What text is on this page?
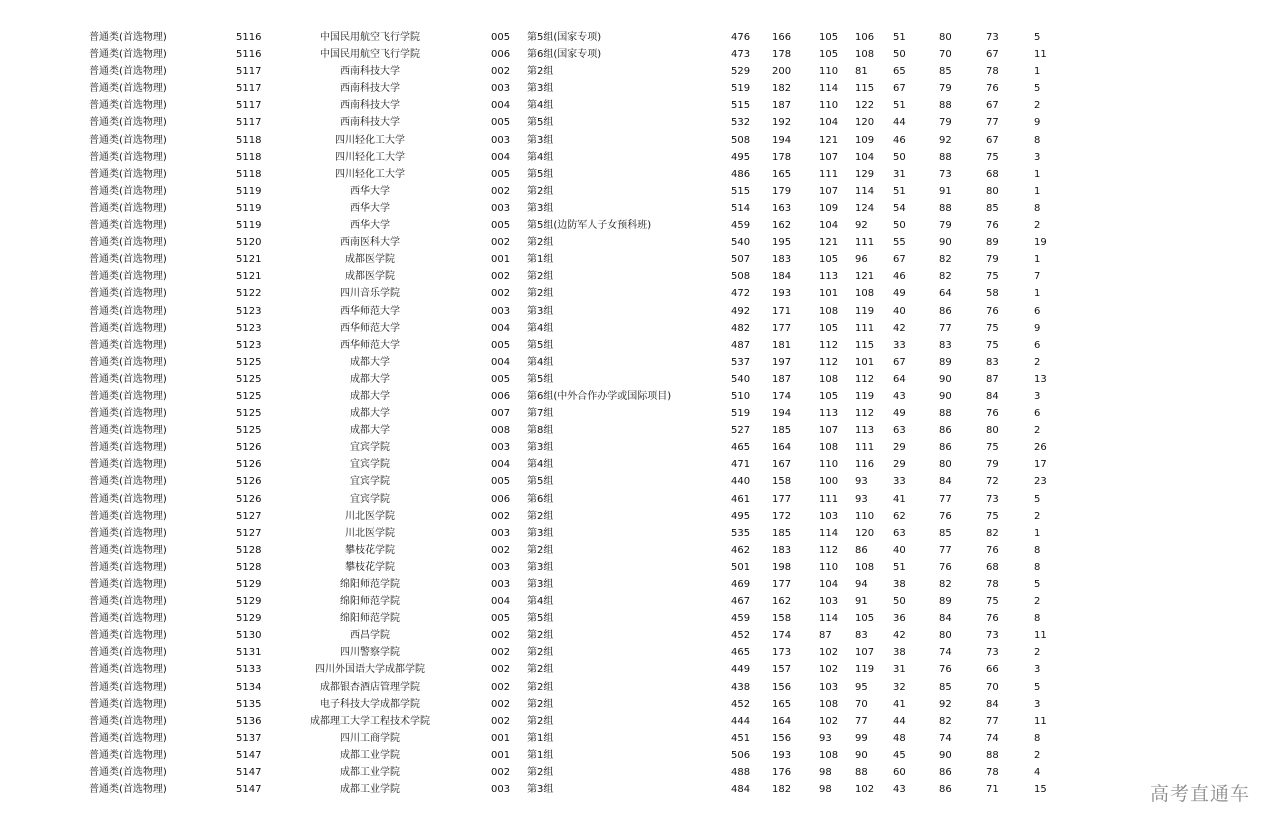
普通类(首选物理)	5116	中国民用航空飞行学院	005 第5组(国家专项)	476 166	105 106 51	80	73	5
普通类(首选物理)	5116	中国民用航空飞行学院	006 第6组(国家专项)	473 178	105 108 50	70	67	11
普通类(首选物理)	5117	西南科技大学	002 第2组	529 200	110 81	65	85	78	1
普通类(首选物理)	5117	西南科技大学	003 第3组	519 182	114 115 67	79	76	5
普通类(首选物理)	5117	西南科技大学	004 第4组	515 187	110 122 51	88	67	2
普通类(首选物理)	5117	西南科技大学	005 第5组	532 192	104 120 44	79	77	9
普通类(首选物理)	5118	四川轻化工大学	003 第3组	508 194	121 109 46	92	67	8
普通类(首选物理)	5118	四川轻化工大学	004 第4组	495 178	107 104 50	88	75	3
普通类(首选物理)	5118	四川轻化工大学	005 第5组	486 165	111 129 31	73	68	1
普通类(首选物理)	5119	西华大学	002 第2组	515 179	107 114 51	91	80	1
普通类(首选物理)	5119	西华大学	003 第3组	514 163	109 124 54	88	85	8
普通类(首选物理)	5119	西华大学	005 第5组(边防军人子女预科班)	459 162	104 92	50	79	76	2
普通类(首选物理)	5120	西南医科大学	002 第2组	540 195	121 111 55	90	89	19
普通类(首选物理)	5121	成都医学院	001 第1组	507 183	105 96	67	82	79	1
普通类(首选物理)	5121	成都医学院	002 第2组	508 184	113 121 46	82	75	7
普通类(首选物理)	5122	四川音乐学院	002 第2组	472 193	101 108 49	64	58	1
普通类(首选物理)	5123	西华师范大学	003 第3组	492 171	108 119 40	86	76	6
普通类(首选物理)	5123	西华师范大学	004 第4组	482 177	105 111 42	77	75	9
普通类(首选物理)	5123	西华师范大学	005 第5组	487 181	112 115 33	83	75	6
普通类(首选物理)	5125	成都大学	004 第4组	537 197	112 101 67	89	83	2
普通类(首选物理)	5125	成都大学	005 第5组	540 187	108 112 64	90	87	13
普通类(首选物理)	5125	成都大学	006 第6组(中外合作办学或国际项目)	510 174	105 119 43	90	84	3
普通类(首选物理)	5125	成都大学	007 第7组	519 194	113 112 49	88	76	6
普通类(首选物理)	5125	成都大学	008 第8组	527 185	107 113 63	86	80	2
普通类(首选物理)	5126	宜宾学院	003 第3组	465 164	108 111 29	86	75	26
普通类(首选物理)	5126	宜宾学院	004 第4组	471 167	110 116 29	80	79	17
普通类(首选物理)	5126	宜宾学院	005 第5组	440 158	100 93	33	84	72	23
普通类(首选物理)	5126	宜宾学院	006 第6组	461 177	111 93	41	77	73	5
普通类(首选物理)	5127	川北医学院	002 第2组	495 172	103 110 62	76	75	2
普通类(首选物理)	5127	川北医学院	003 第3组	535 185	114 120 63	85	82	1
普通类(首选物理)	5128	攀枝花学院	002 第2组	462 183	112 86	40	77	76	8
普通类(首选物理)	5128	攀枝花学院	003 第3组	501 198	110 108 51	76	68	8
普通类(首选物理)	5129	绵阳师范学院	003 第3组	469 177	104 94	38	82	78	5
普通类(首选物理)	5129	绵阳师范学院	004 第4组	467 162	103 91	50	89	75	2
普通类(首选物理)	5129	绵阳师范学院	005 第5组	459 158	114 105 36	84	76	8
普通类(首选物理)	5130	西昌学院	002 第2组	452 174	87 83	42	80	73	11
普通类(首选物理)	5131	四川警察学院	002 第2组	465 173	102 107 38	74	73	2
普通类(首选物理)	5133	四川外国语大学成都学院	002 第2组	449 157	102 119 31	76	66	3
普通类(首选物理)	5134	成都银杏酒店管理学院	002 第2组	438 156	103 95	32	85	70	5
普通类(首选物理)	5135	电子科技大学成都学院	002 第2组	452 165	108 70	41	92	84	3
普通类(首选物理)	5136	成都理工大学工程技术学院	002 第2组	444 164	102 77	44	82	77	11
普通类(首选物理)	5137	四川工商学院	001 第1组	451 156	93 99	48	74	74	8
普通类(首选物理)	5147	成都工业学院	001 第1组	506 193	108 90	45	90	88	2
普通类(首选物理)	5147	成都工业学院	002 第2组	488 176	98 88	60	86	78	4
普通类(首选物理)	5147	成都工业学院	003 第3组	484 182	98 102 43	86	71	15	高考直通车
